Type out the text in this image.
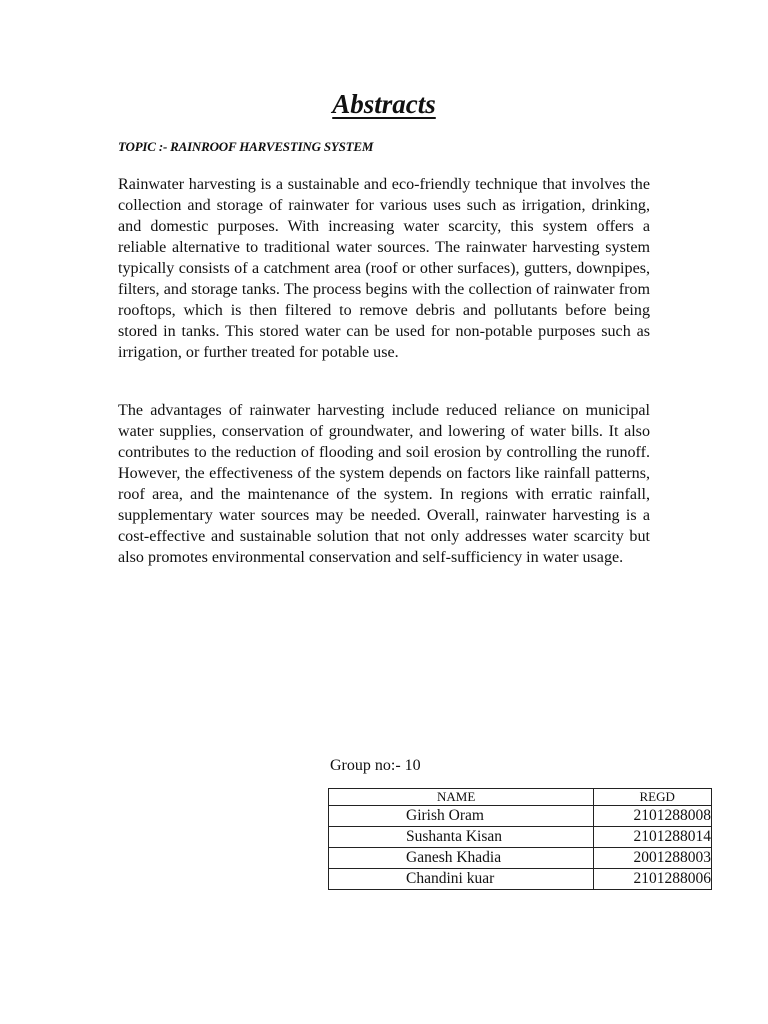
Abstracts

TOPIC :- RAINROOF HARVESTING SYSTEM

Rainwater harvesting is a sustainable and eco-friendly technique that involves the collection and storage of rainwater for various uses such as irrigation, drinking, and domestic purposes. With increasing water scarcity, this system offers a reliable alternative to traditional water sources. The rainwater harvesting system typically consists of a catchment area (roof or other surfaces), gutters, downpipes, filters, and storage tanks. The process begins with the collection of rainwater from rooftops, which is then filtered to remove debris and pollutants before being stored in tanks. This stored water can be used for non-potable purposes such as irrigation, or further treated for potable use.

The advantages of rainwater harvesting include reduced reliance on municipal water supplies, conservation of groundwater, and lowering of water bills. It also contributes to the reduction of flooding and soil erosion by controlling the runoff. However, the effectiveness of the system depends on factors like rainfall patterns, roof area, and the maintenance of the system. In regions with erratic rainfall, supplementary water sources may be needed. Overall, rainwater harvesting is a cost-effective and sustainable solution that not only addresses water scarcity but also promotes environmental conservation and self-sufficiency in water usage.

Group no:- 10

NAME	REGD
Girish Oram	2101288008
Sushanta Kisan	2101288014
Ganesh Khadia	2001288003
Chandini kuar	2101288006
